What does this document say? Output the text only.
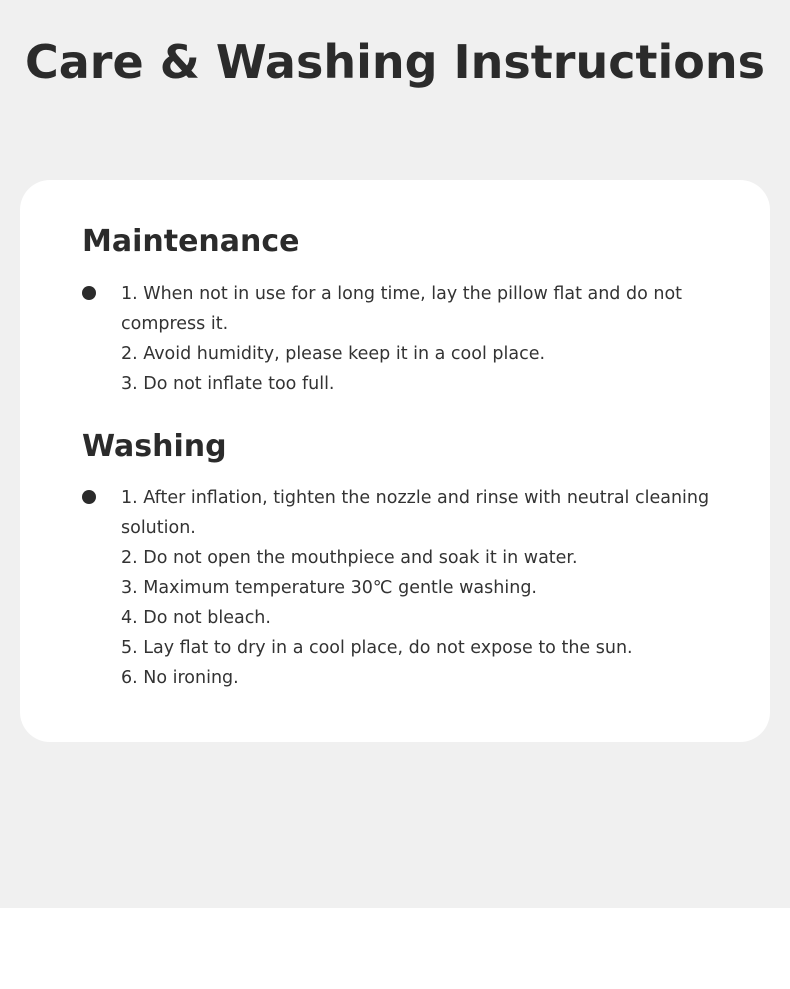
Care & Washing Instructions
Maintenance
1. When not in use for a long time, lay the pillow flat and do not compress it.
2. Avoid humidity, please keep it in a cool place.
3. Do not inflate too full.
Washing
1. After inflation, tighten the nozzle and rinse with neutral cleaning solution.
2. Do not open the mouthpiece and soak it in water.
3. Maximum temperature 30℃ gentle washing.
4. Do not bleach.
5. Lay flat to dry in a cool place, do not expose to the sun.
6. No ironing.
